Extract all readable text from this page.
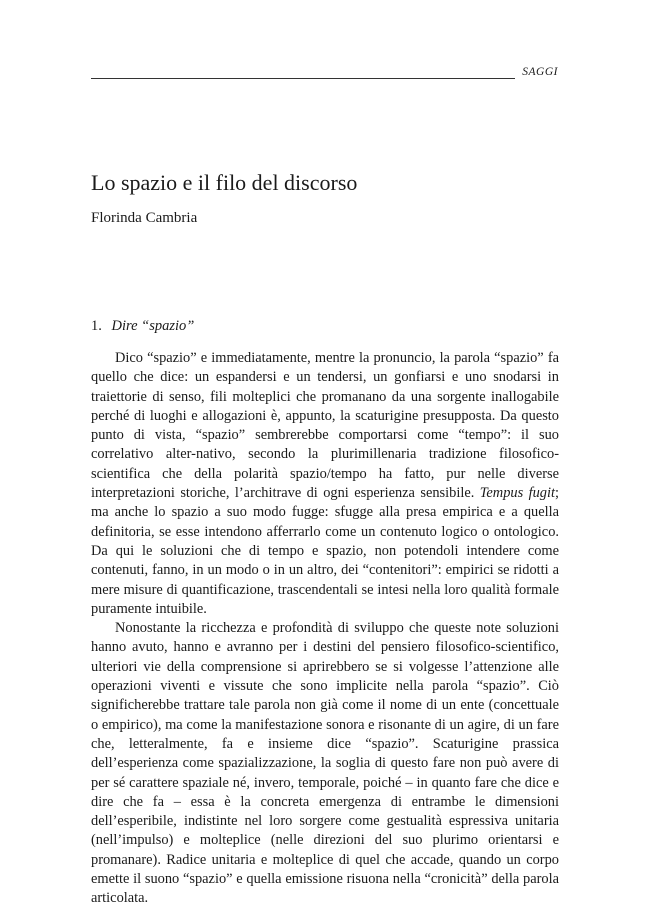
SAGGI
Lo spazio e il filo del discorso
Florinda Cambria
1. Dire “spazio”

Dico “spazio” e immediatamente, mentre la pronuncio, la parola “spazio” fa quello che dice: un espandersi e un tendersi, un gonfiarsi e uno snodarsi in traiettorie di senso, fili molteplici che promanano da una sorgente inallogabile perché di luoghi e allogazioni è, appunto, la scaturigine presupposta. Da questo punto di vista, “spazio” sembrerebbe comportarsi come “tempo”: il suo correlativo alter-nativo, secondo la plurimillenaria tradizione filosofico-scientifica che della polarità spazio/tempo ha fatto, pur nelle diverse interpretazioni storiche, l’architrave di ogni esperienza sensibile. Tempus fugit; ma anche lo spazio a suo modo fugge: sfugge alla presa empirica e a quella definitoria, se esse intendono afferrarlo come un contenuto logico o ontologico. Da qui le soluzioni che di tempo e spazio, non potendoli intendere come contenuti, fanno, in un modo o in un altro, dei “contenitori”: empirici se ridotti a mere misure di quantificazione, trascendentali se intesi nella loro qualità formale puramente intuibile.

Nonostante la ricchezza e profondità di sviluppo che queste note soluzioni hanno avuto, hanno e avranno per i destini del pensiero filosofico-scientifico, ulteriori vie della comprensione si aprirebbero se si volgesse l’attenzione alle operazioni viventi e vissute che sono implicite nella parola “spazio”. Ciò significherebbe trattare tale parola non già come il nome di un ente (concettuale o empirico), ma come la manifestazione sonora e risonante di un agire, di un fare che, letteralmente, fa e insieme dice “spazio”. Scaturigine prassica dell’esperienza come spazializzazione, la soglia di questo fare non può avere di per sé carattere spaziale né, invero, temporale, poiché – in quanto fare che dice e dire che fa – essa è la concreta emergenza di entrambe le dimensioni dell’esperibile, indistinte nel loro sorgere come gestualità espressiva unitaria (nell’impulso) e molteplice (nelle direzioni del suo plurimo orientarsi e promanare). Radice unitaria e molteplice di quel che accade, quando un corpo emette il suono “spazio” e quella emissione risuona nella “cronicità” della parola articolata.
